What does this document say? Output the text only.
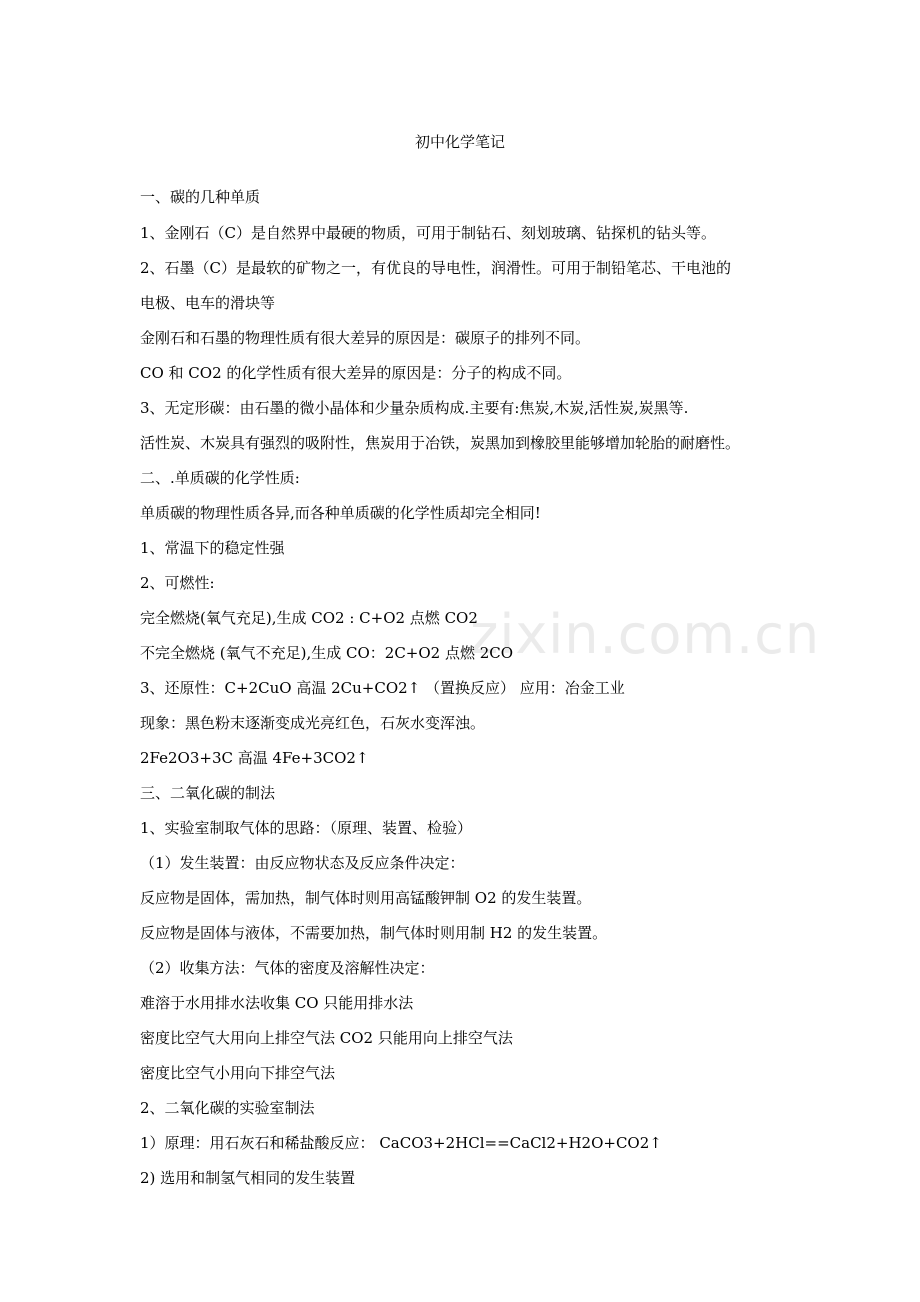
zixin.com.cn
初中化学笔记
一、碳的几种单质
1、金刚石（C）是自然界中最硬的物质，可用于制钻石、刻划玻璃、钻探机的钻头等。
2、石墨（C）是最软的矿物之一，有优良的导电性，润滑性。可用于制铅笔芯、干电池的
电极、电车的滑块等
金刚石和石墨的物理性质有很大差异的原因是：碳原子的排列不同。
CO 和 CO2 的化学性质有很大差异的原因是：分子的构成不同。
3、无定形碳：由石墨的微小晶体和少量杂质构成.主要有:焦炭,木炭,活性炭,炭黑等.
活性炭、木炭具有强烈的吸附性，焦炭用于冶铁，炭黑加到橡胶里能够增加轮胎的耐磨性。
二、.单质碳的化学性质:
单质碳的物理性质各异,而各种单质碳的化学性质却完全相同!
1、常温下的稳定性强
2、可燃性:
完全燃烧(氧气充足),生成 CO2 : C+O2 点燃 CO2
不完全燃烧 (氧气不充足),生成 CO：2C+O2 点燃 2CO
3、还原性：C+2CuO 高温 2Cu+CO2↑ （置换反应） 应用：冶金工业
现象：黑色粉末逐渐变成光亮红色，石灰水变浑浊。
2Fe2O3+3C 高温 4Fe+3CO2↑
三、二氧化碳的制法
1、实验室制取气体的思路：（原理、装置、检验）
（1）发生装置：由反应物状态及反应条件决定：
反应物是固体，需加热，制气体时则用高锰酸钾制 O2 的发生装置。
反应物是固体与液体，不需要加热，制气体时则用制 H2 的发生装置。
（2）收集方法：气体的密度及溶解性决定：
难溶于水用排水法收集 CO 只能用排水法
密度比空气大用向上排空气法 CO2 只能用向上排空气法
密度比空气小用向下排空气法
2、二氧化碳的实验室制法
1）原理：用石灰石和稀盐酸反应： CaCO3+2HCl==CaCl2+H2O+CO2↑
2) 选用和制氢气相同的发生装置
